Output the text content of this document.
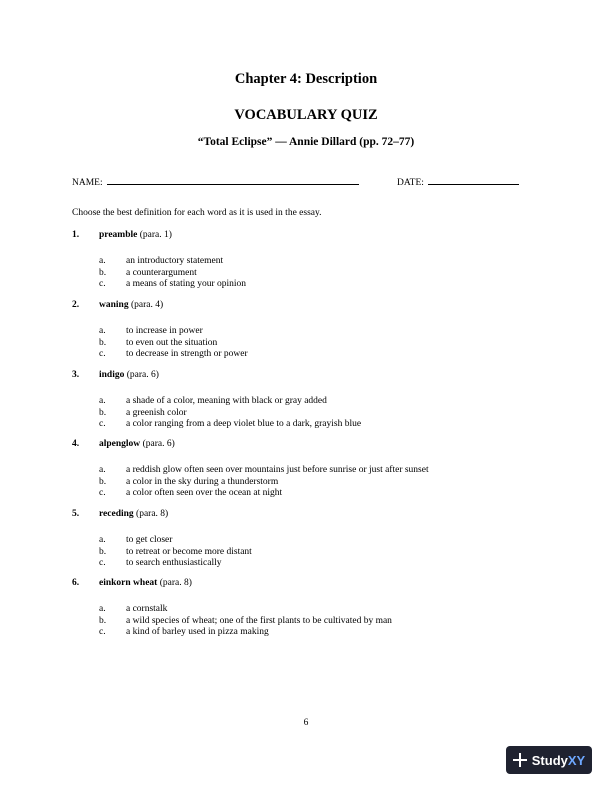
Chapter 4: Description
VOCABULARY QUIZ
“Total Eclipse” — Annie Dillard (pp. 72–77)
NAME:	DATE:
Choose the best definition for each word as it is used in the essay.
1. preamble (para. 1)
a. an introductory statement
b. a counterargument
c. a means of stating your opinion
2. waning (para. 4)
a. to increase in power
b. to even out the situation
c. to decrease in strength or power
3. indigo (para. 6)
a. a shade of a color, meaning with black or gray added
b. a greenish color
c. a color ranging from a deep violet blue to a dark, grayish blue
4. alpenglow (para. 6)
a. a reddish glow often seen over mountains just before sunrise or just after sunset
b. a color in the sky during a thunderstorm
c. a color often seen over the ocean at night
5. receding (para. 8)
a. to get closer
b. to retreat or become more distant
c. to search enthusiastically
6. einkorn wheat (para. 8)
a. a cornstalk
b. a wild species of wheat; one of the first plants to be cultivated by man
c. a kind of barley used in pizza making
6
Study XY
